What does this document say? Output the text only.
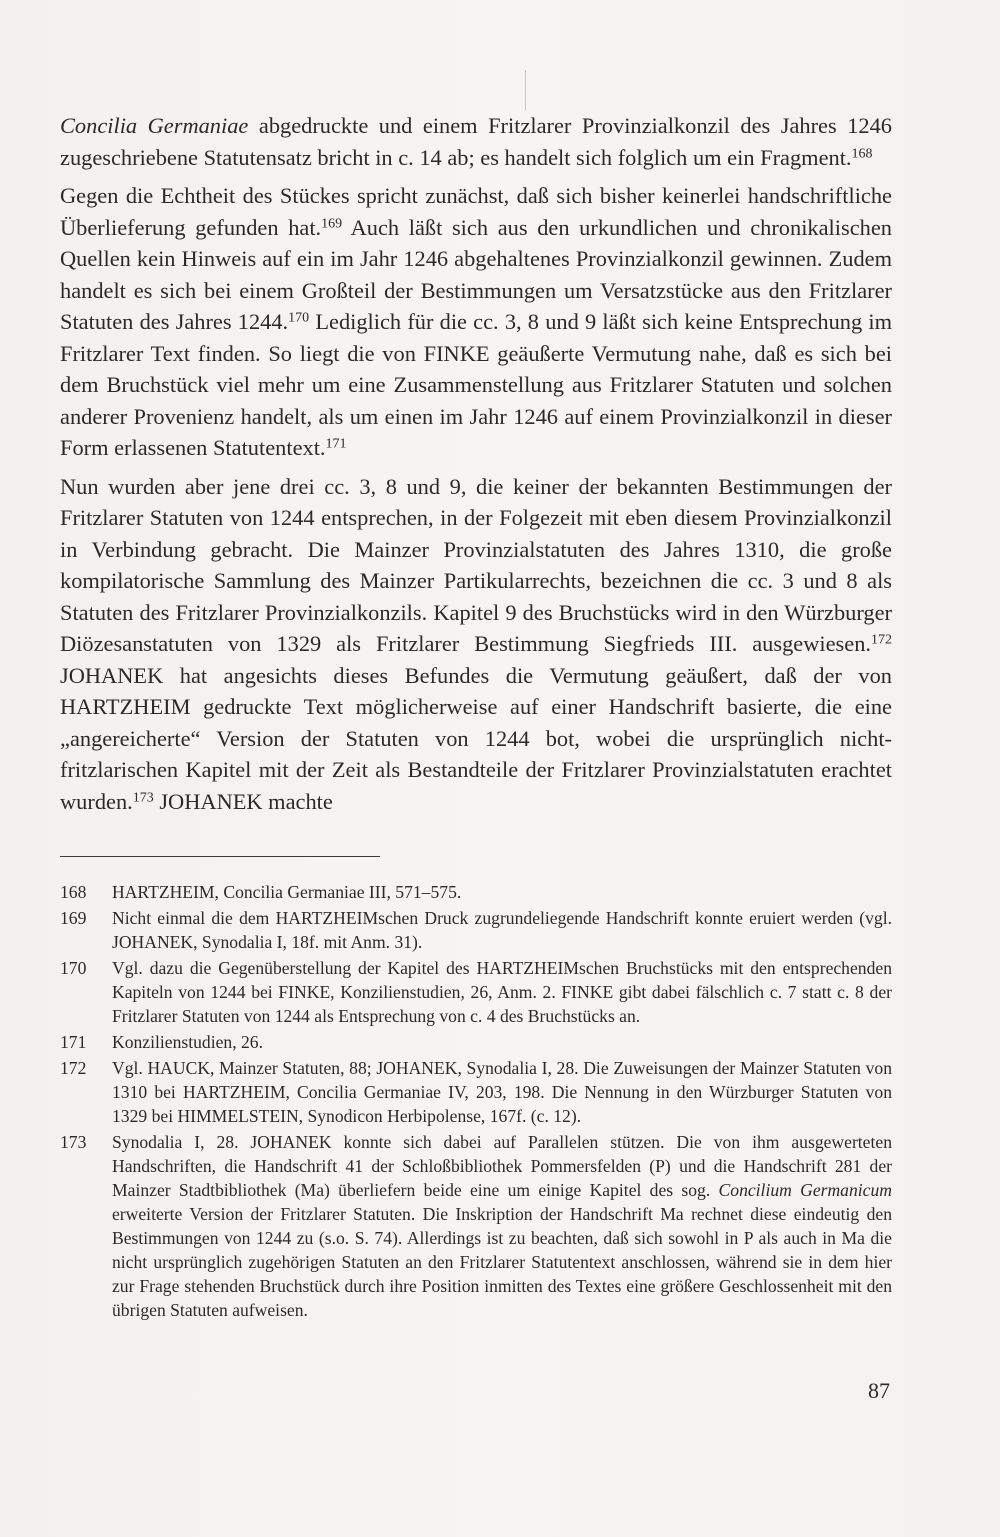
Concilia Germaniae abgedruckte und einem Fritzlarer Provinzialkonzil des Jahres 1246 zugeschriebene Statutensatz bricht in c. 14 ab; es handelt sich folglich um ein Fragment.$^{168}$

Gegen die Echtheit des Stückes spricht zunächst, daß sich bisher keinerlei handschriftliche Überlieferung gefunden hat.$^{169}$ Auch läßt sich aus den urkundlichen und chronikalischen Quellen kein Hinweis auf ein im Jahr 1246 abgehaltenes Provinzialkonzil gewinnen. Zudem handelt es sich bei einem Großteil der Bestimmungen um Versatzstücke aus den Fritzlarer Statuten des Jahres 1244.$^{170}$ Lediglich für die cc. 3, 8 und 9 läßt sich keine Entsprechung im Fritzlarer Text finden. So liegt die von FINKE geäußerte Vermutung nahe, daß es sich bei dem Bruchstück viel mehr um eine Zusammenstellung aus Fritzlarer Statuten und solchen anderer Provenienz handelt, als um einen im Jahr 1246 auf einem Provinzialkonzil in dieser Form erlassenen Statutentext.$^{171}$

Nun wurden aber jene drei cc. 3, 8 und 9, die keiner der bekannten Bestimmungen der Fritzlarer Statuten von 1244 entsprechen, in der Folgezeit mit eben diesem Provinzialkonzil in Verbindung gebracht. Die Mainzer Provinzialstatuten des Jahres 1310, die große kompilatorische Sammlung des Mainzer Partikularrechts, bezeichnen die cc. 3 und 8 als Statuten des Fritzlarer Provinzialkonzils. Kapitel 9 des Bruchstücks wird in den Würzburger Diözesanstatuten von 1329 als Fritzlarer Bestimmung Siegfrieds III. ausgewiesen.$^{172}$ JOHANEK hat angesichts dieses Befundes die Vermutung geäußert, daß der von HARTZHEIM gedruckte Text möglicherweise auf einer Handschrift basierte, die eine „angereicherte“ Version der Statuten von 1244 bot, wobei die ursprünglich nicht-fritzlarischen Kapitel mit der Zeit als Bestandteile der Fritzlarer Provinzialstatuten erachtet wurden.$^{173}$ JOHANEK machte

168	HARTZHEIM, Concilia Germaniae III, 571–575.
169	Nicht einmal die dem HARTZHEIMschen Druck zugrundeliegende Handschrift konnte eruiert werden (vgl. JOHANEK, Synodalia I, 18f. mit Anm. 31).
170	Vgl. dazu die Gegenüberstellung der Kapitel des HARTZHEIMschen Bruchstücks mit den entsprechenden Kapiteln von 1244 bei FINKE, Konzilienstudien, 26, Anm. 2. FINKE gibt dabei fälschlich c. 7 statt c. 8 der Fritzlarer Statuten von 1244 als Entsprechung von c. 4 des Bruchstücks an.
171	Konzilienstudien, 26.
172	Vgl. HAUCK, Mainzer Statuten, 88; JOHANEK, Synodalia I, 28. Die Zuweisungen der Mainzer Statuten von 1310 bei HARTZHEIM, Concilia Germaniae IV, 203, 198. Die Nennung in den Würzburger Statuten von 1329 bei HIMMELSTEIN, Synodicon Herbipolense, 167f. (c. 12).
173	Synodalia I, 28. JOHANEK konnte sich dabei auf Parallelen stützen. Die von ihm ausgewerteten Handschriften, die Handschrift 41 der Schloßbibliothek Pommersfelden (P) und die Handschrift 281 der Mainzer Stadtbibliothek (Ma) überliefern beide eine um einige Kapitel des sog. Concilium Germanicum erweiterte Version der Fritzlarer Statuten. Die Inskription der Handschrift Ma rechnet diese eindeutig den Bestimmungen von 1244 zu (s.o. S. 74). Allerdings ist zu beachten, daß sich sowohl in P als auch in Ma die nicht ursprünglich zugehörigen Statuten an den Fritzlarer Statutentext anschlossen, während sie in dem hier zur Frage stehenden Bruchstück durch ihre Position inmitten des Textes eine größere Geschlossenheit mit den übrigen Statuten aufweisen.
87
